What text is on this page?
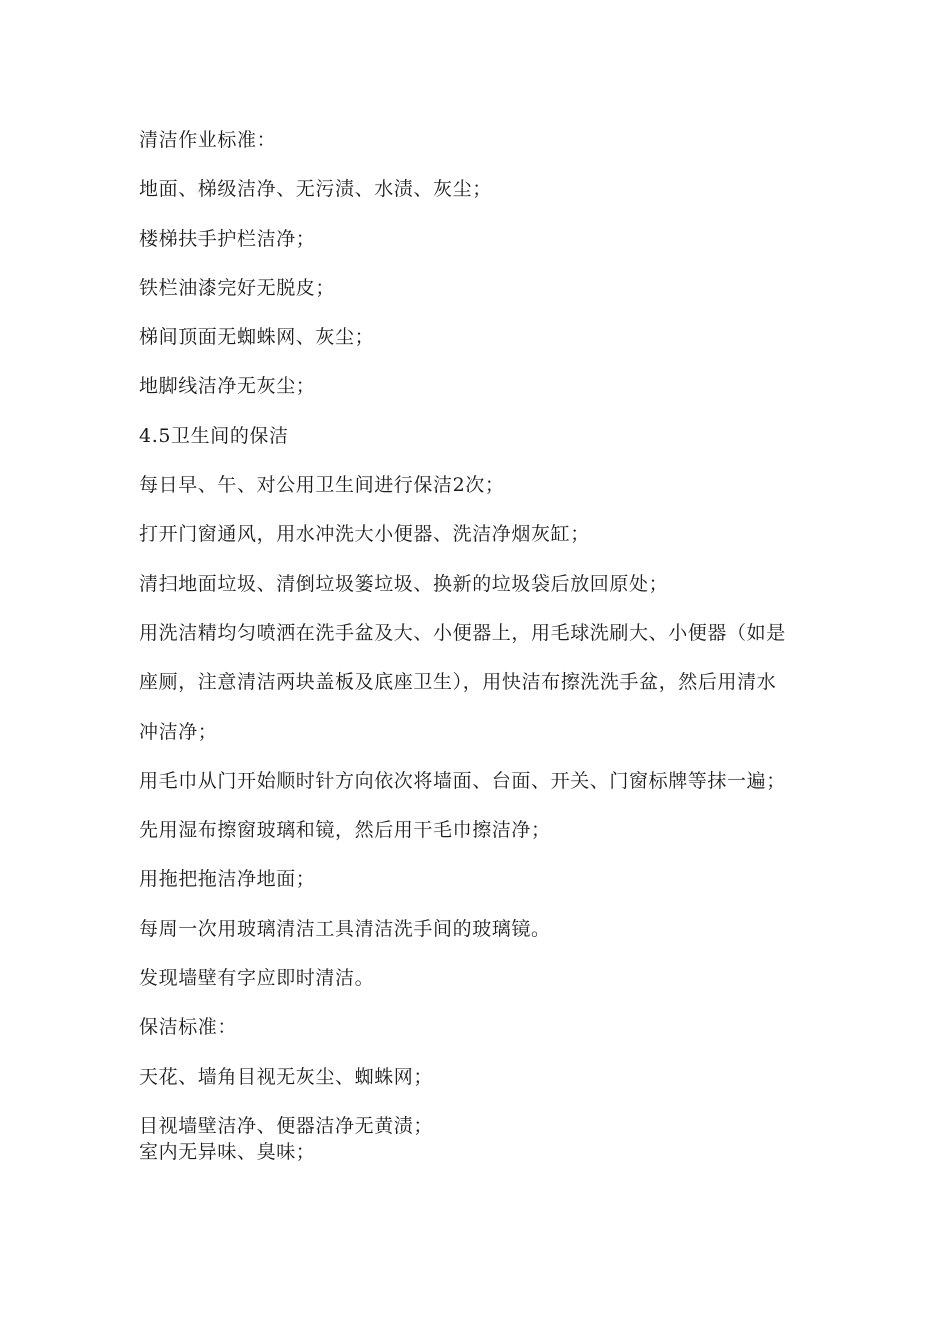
清洁作业标准：
地面、梯级洁净、无污渍、水渍、灰尘；
楼梯扶手护栏洁净；
铁栏油漆完好无脱皮；
梯间顶面无蜘蛛网、灰尘；
地脚线洁净无灰尘；
4.5卫生间的保洁
每日早、午、对公用卫生间进行保洁2次；
打开门窗通风，用水冲洗大小便器、洗洁净烟灰缸；
清扫地面垃圾、清倒垃圾篓垃圾、换新的垃圾袋后放回原处；
用洗洁精均匀喷洒在洗手盆及大、小便器上，用毛球洗刷大、小便器（如是
座厕，注意清洁两块盖板及底座卫生），用快洁布擦洗洗手盆，然后用清水
冲洁净；
用毛巾从门开始顺时针方向依次将墙面、台面、开关、门窗标牌等抹一遍；
先用湿布擦窗玻璃和镜，然后用干毛巾擦洁净；
用拖把拖洁净地面；
每周一次用玻璃清洁工具清洁洗手间的玻璃镜。
发现墙壁有字应即时清洁。
保洁标准：
天花、墙角目视无灰尘、蜘蛛网；
目视墙壁洁净、便器洁净无黄渍；
室内无异味、臭味；
